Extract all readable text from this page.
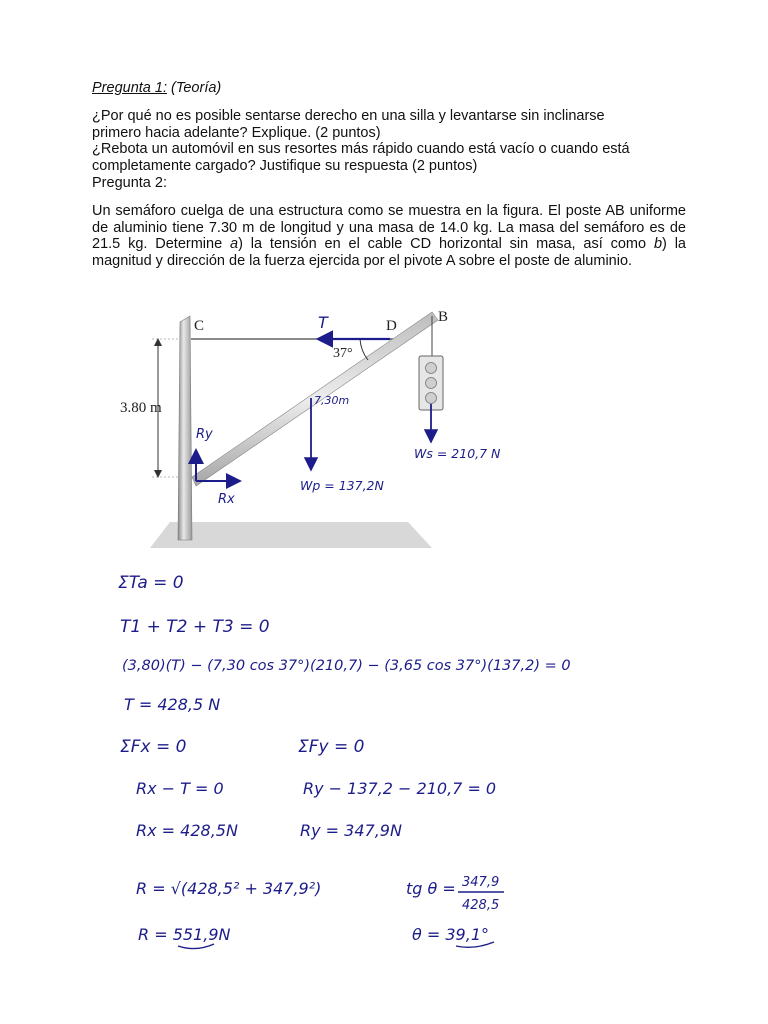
Pregunta 1: (Teoría)
¿Por qué no es posible sentarse derecho en una silla y levantarse sin inclinarse
primero hacia adelante? Explique. (2 puntos)
¿Rebota un automóvil en sus resortes más rápido cuando está vacío o cuando está
completamente cargado? Justifique su respuesta (2 puntos)
Pregunta 2:
Un semáforo cuelga de una estructura como se muestra en la figura. El poste AB uniforme de aluminio tiene 7.30 m de longitud y una masa de 14.0 kg. La masa del semáforo es de 21.5 kg. Determine a) la tensión en el cable CD horizontal sin masa, así como b) la magnitud y dirección de la fuerza ejercida por el pivote A sobre el poste de aluminio.
3.80 m
C	D
B
37°
T
7,30m
Wp = 137,2N
Ws = 210,7 N
Ry
Rx
ΣTa = 0
T1 + T2 + T3 = 0
(3,80)(T) − (7,30 cos 37°)(210,7) − (3,65 cos 37°)(137,2) = 0
T = 428,5 N
ΣFx = 0	ΣFy = 0
Rx − T = 0	Ry − 137,2 − 210,7 = 0
Rx = 428,5N	Ry = 347,9N
R = √(428,5² + 347,9²)	tg θ = 347,9
428,5
R = 551,9N	θ = 39,1°
